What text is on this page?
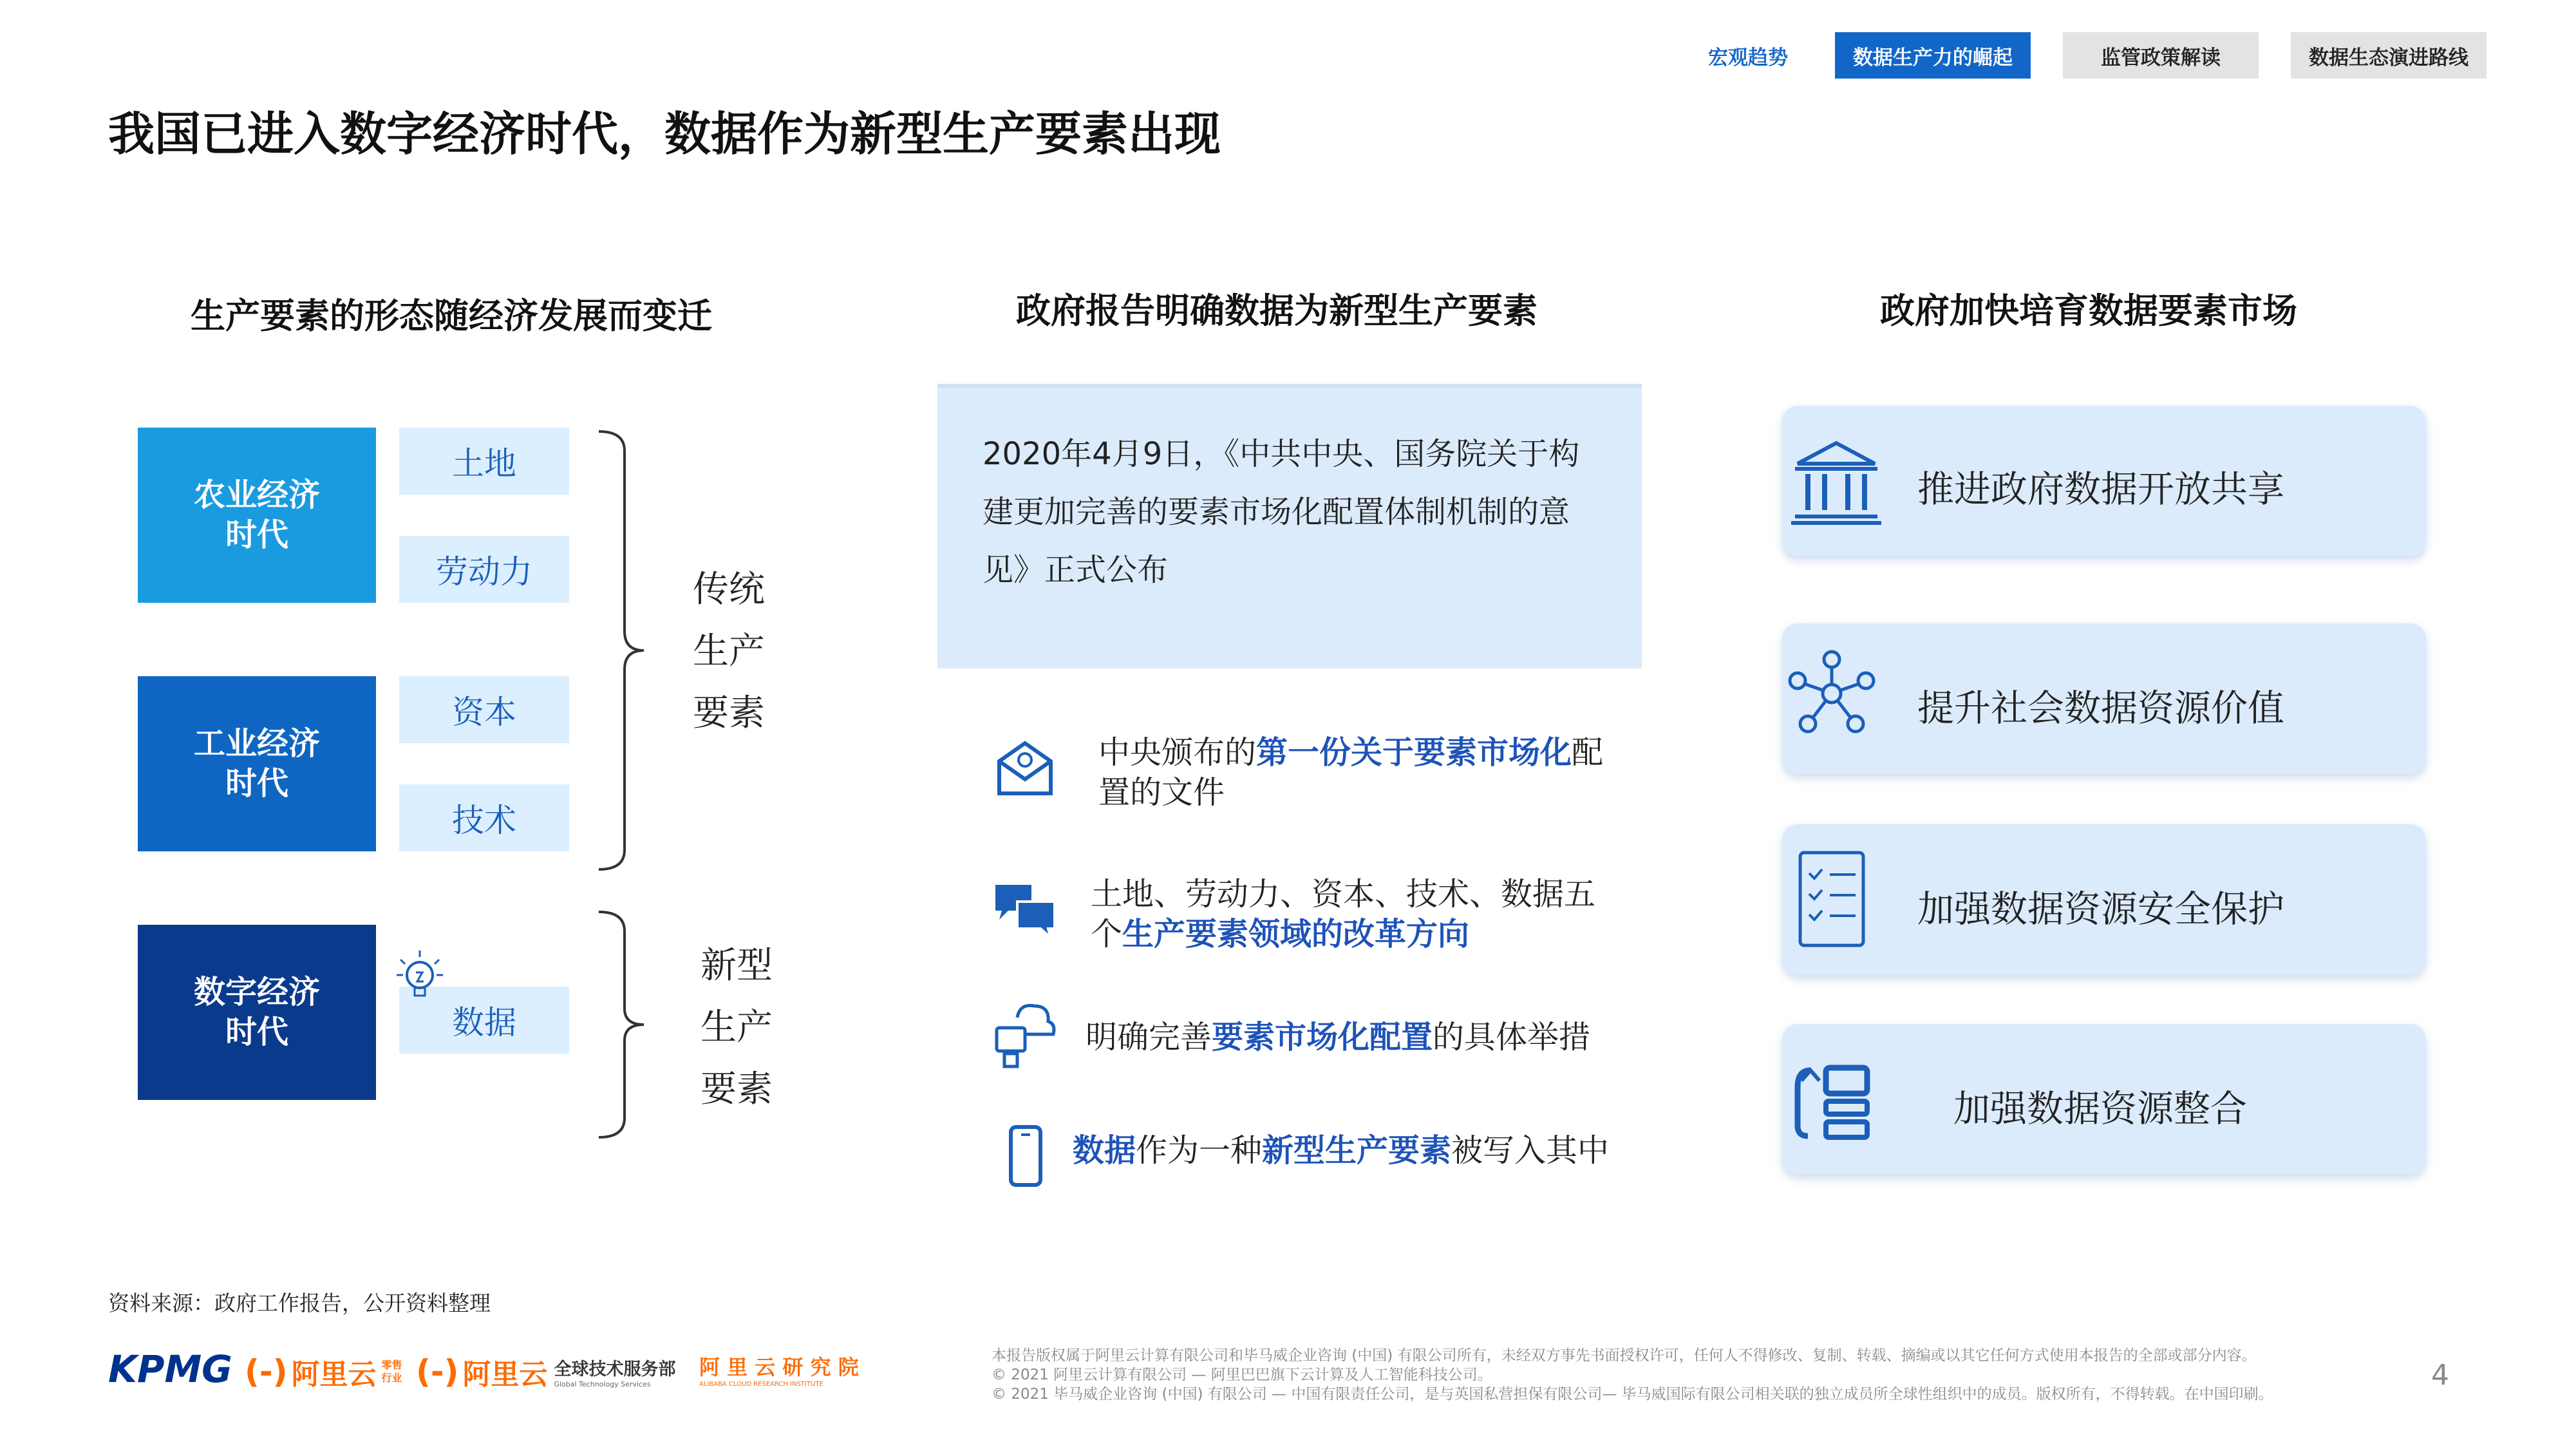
宏观趋势	数据生产力的崛起	监管政策解读	数据生态演进路线
我国已进入数字经济时代，数据作为新型生产要素出现
生产要素的形态随经济发展而变迁	政府报告明确数据为新型生产要素	政府加快培育数据要素市场
农业经济
时代
工业经济
时代
数字经济
时代
土地
劳动力
资本
技术
数据
传统
生产
要素
新型
生产
要素
2020年4月9日，《中共中央、国务院关于构
建更加完善的要素市场化配置体制机制的意
见》正式公布
中央颁布的第一份关于要素市场化配
置的文件
土地、劳动力、资本、技术、数据五
个生产要素领域的改革方向
明确完善要素市场化配置的具体举措
数据作为一种新型生产要素被写入其中
推进政府数据开放共享
提升社会数据资源价值
加强数据资源安全保护
加强数据资源整合
资料来源：政府工作报告，公开资料整理
KPMG (-) 阿里云 零售
行业 (-) 阿里云 全球技术服务部
Global Technology Services
阿 里 云 研 究 院
ALIBABA CLOUD RESEARCH INSTITUTE
本报告版权属于阿里云计算有限公司和毕马威企业咨询 (中国) 有限公司所有，未经双方事先书面授权许可，任何人不得修改、复制、转载、摘编或以其它任何方式使用本报告的全部或部分内容。
© 2021 阿里云计算有限公司 — 阿里巴巴旗下云计算及人工智能科技公司。
© 2021 毕马威企业咨询 (中国) 有限公司 — 中国有限责任公司，是与英国私营担保有限公司— 毕马威国际有限公司相关联的独立成员所全球性组织中的成员。版权所有，不得转载。在中国印刷。
4
